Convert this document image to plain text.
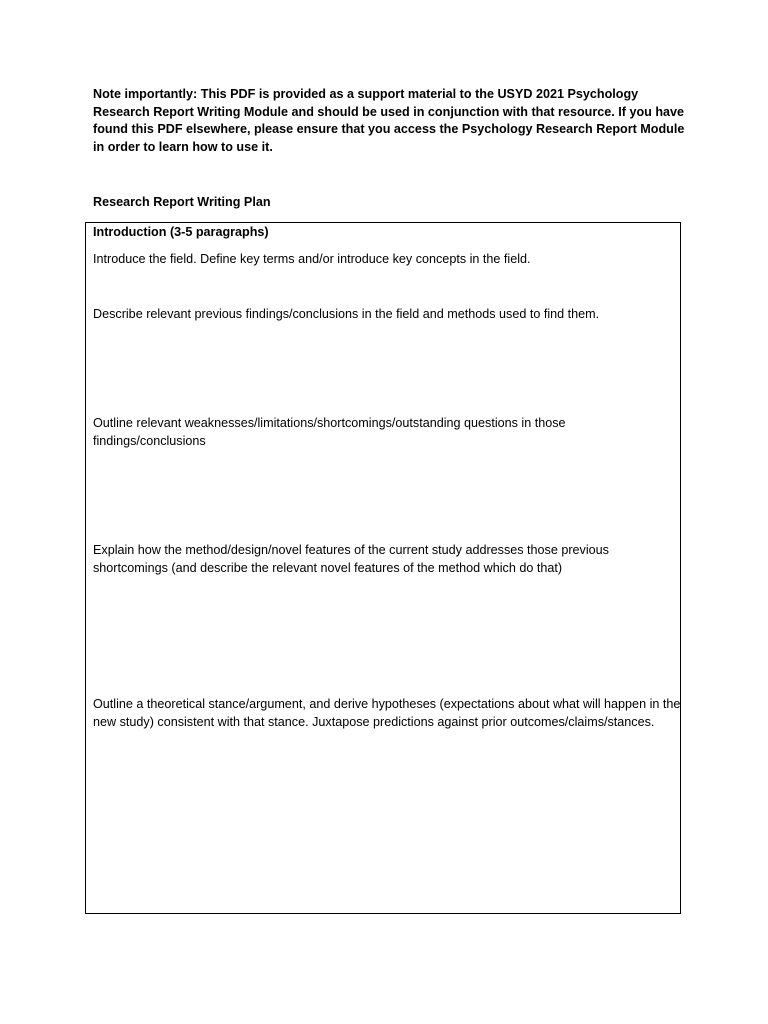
Note importantly: This PDF is provided as a support material to the USYD 2021 Psychology Research Report Writing Module and should be used in conjunction with that resource. If you have found this PDF elsewhere, please ensure that you access the Psychology Research Report Module in order to learn how to use it.

Research Report Writing Plan

Introduction (3-5 paragraphs)

Introduce the field. Define key terms and/or introduce key concepts in the field.

Describe relevant previous findings/conclusions in the field and methods used to find them.

Outline relevant weaknesses/limitations/shortcomings/outstanding questions in those findings/conclusions

Explain how the method/design/novel features of the current study addresses those previous shortcomings (and describe the relevant novel features of the method which do that)

Outline a theoretical stance/argument, and derive hypotheses (expectations about what will happen in the new study) consistent with that stance. Juxtapose predictions against prior outcomes/claims/stances.
